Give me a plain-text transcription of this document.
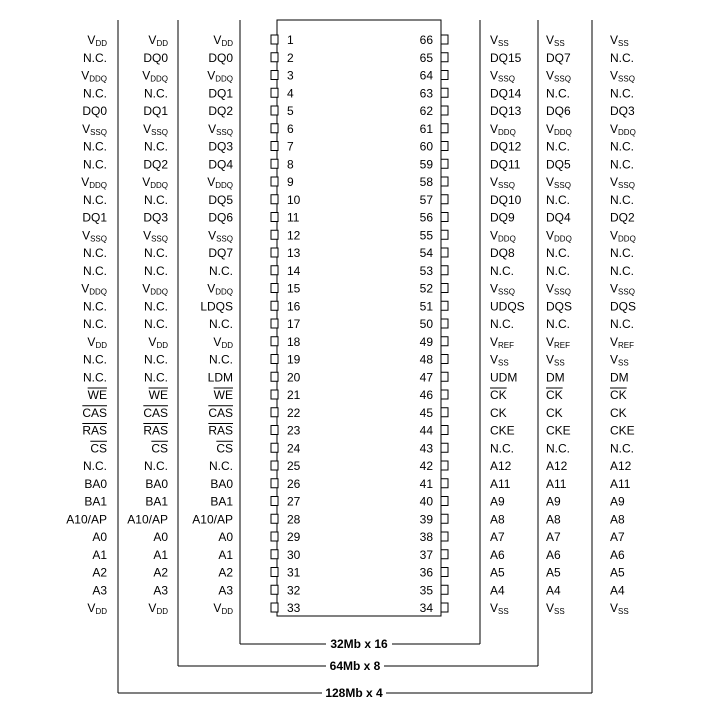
1
2
3
4
5
6
7
8
9
10
11
12
13
14
15
16
17
18
19
20
21
22
23
24
25
26
27
28
29
30
31
32
33
66
65
64
63
62
61
60
59
58
57
56
55
54
53
52
51
50
49
48
47
46
45
44
43
42
41
40
39
38
37
36
35
34
VDD
N.C.
VDDQ
N.C.
DQ0
VSSQ
N.C.
N.C.
VDDQ
N.C.
DQ1
VSSQ
N.C.
N.C.
VDDQ
N.C.
N.C.
VDD
N.C.
N.C.
WE
CAS
RAS
CS
N.C.
BA0
BA1
A10/AP
A0
A1
A2
A3
VDD
VDD
DQ0
VDDQ
N.C.
DQ1
VSSQ
N.C.
DQ2
VDDQ
N.C.
DQ3
VSSQ
N.C.
N.C.
VDDQ
N.C.
N.C.
VDD
N.C.
N.C.
WE
CAS
RAS
CS
N.C.
BA0
BA1
A10/AP
A0
A1
A2
A3
VDD
VDD
DQ0
VDDQ
DQ1
DQ2
VSSQ
DQ3
DQ4
VDDQ
DQ5
DQ6
VSSQ
DQ7
N.C.
VDDQ
LDQS
N.C.
VDD
N.C.
LDM
WE
CAS
RAS
CS
N.C.
BA0
BA1
A10/AP
A0
A1
A2
A3
VDD
VSS
DQ15
VSSQ
DQ14
DQ13
VDDQ
DQ12
DQ11
VSSQ
DQ10
DQ9
VDDQ
DQ8
N.C.
VSSQ
UDQS
N.C.
VREF
VSS
UDM
CK
CK
CKE
N.C.
A12
A11
A9
A8
A7
A6
A5
A4
VSS
VSS
DQ7
VSSQ
N.C.
DQ6
VDDQ
N.C.
DQ5
VSSQ
N.C.
DQ4
VDDQ
N.C.
N.C.
VSSQ
DQS
N.C.
VREF
VSS
DM
CK
CK
CKE
N.C.
A12
A11
A9
A8
A7
A6
A5
A4
VSS
VSS
N.C.
VSSQ
N.C.
DQ3
VDDQ
N.C.
N.C.
VSSQ
N.C.
DQ2
VDDQ
N.C.
N.C.
VSSQ
DQS
N.C.
VREF
VSS
DM
CK
CK
CKE
N.C.
A12
A11
A9
A8
A7
A6
A5
A4
VSS
32Mb x 16
64Mb x 8
128Mb x 4
